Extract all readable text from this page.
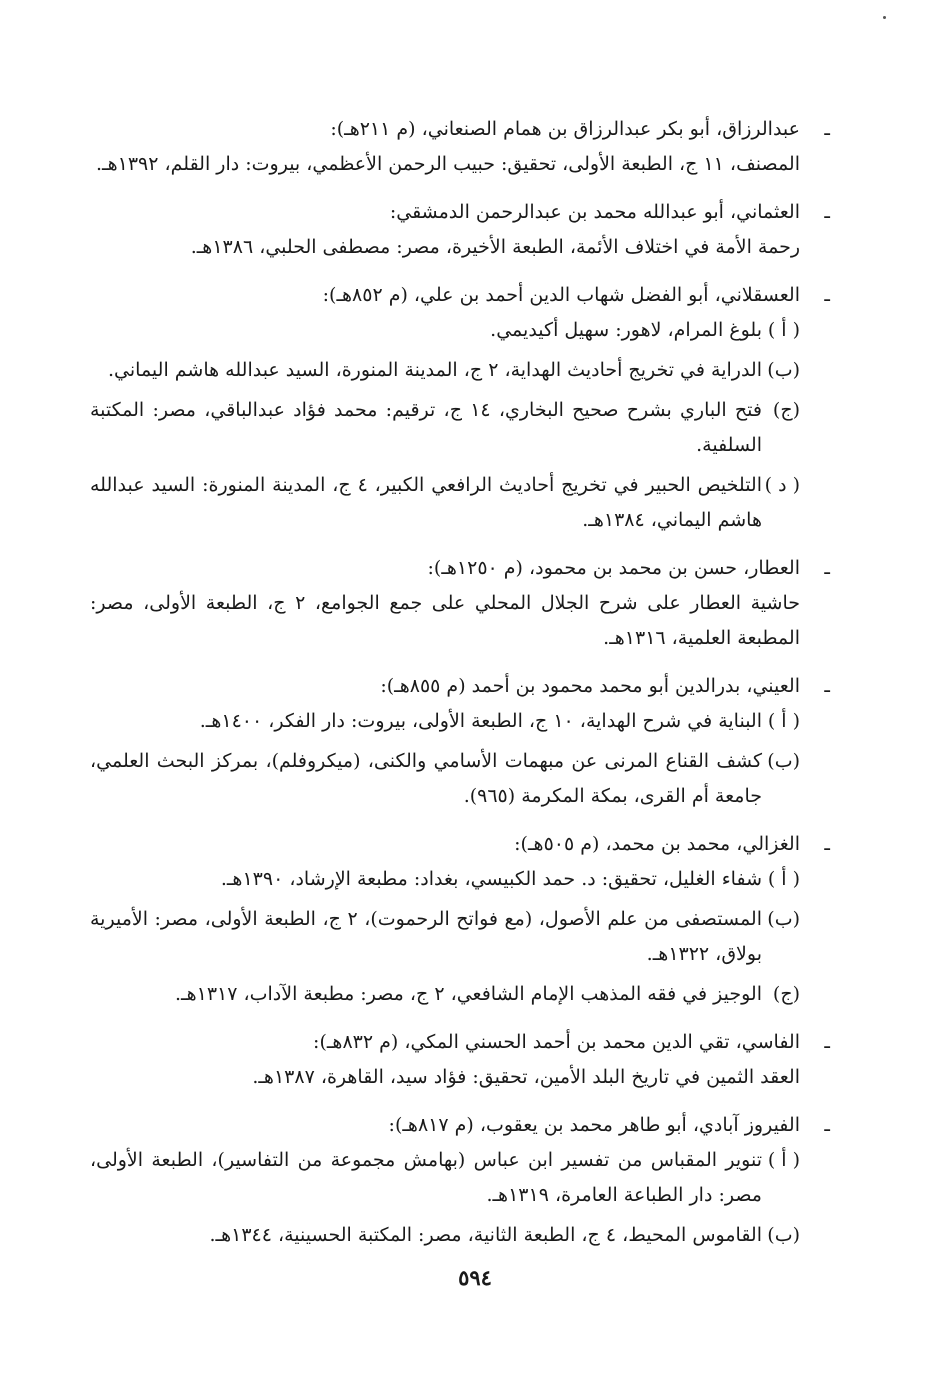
ـ
عبدالرزاق، أبو بكر عبدالرزاق بن همام الصنعاني، (م ٢١١هـ):
المصنف، ١١ ج، الطبعة الأولى، تحقيق: حبيب الرحمن الأعظمي، بيروت: دار القلم، ١٣٩٢هـ.
ـ
العثماني، أبو عبدالله محمد بن عبدالرحمن الدمشقي:
رحمة الأمة في اختلاف الأئمة، الطبعة الأخيرة، مصر: مصطفى الحلبي، ١٣٨٦هـ.
ـ
العسقلاني، أبو الفضل شهاب الدين أحمد بن علي، (م ٨٥٢هـ):
( أ )
بلوغ المرام، لاهور: سهيل أكيديمي.
(ب)
الدراية في تخريج أحاديث الهداية، ٢ ج، المدينة المنورة، السيد عبدالله هاشم اليماني.
(ج)
فتح الباري بشرح صحيح البخاري، ١٤ ج، ترقيم: محمد فؤاد عبدالباقي، مصر: المكتبة السلفية.
( د )
التلخيص الحبير في تخريج أحاديث الرافعي الكبير، ٤ ج، المدينة المنورة: السيد عبدالله هاشم اليماني، ١٣٨٤هـ.
ـ
العطار، حسن بن محمد بن محمود، (م ١٢٥٠هـ):
حاشية العطار على شرح الجلال المحلي على جمع الجوامع، ٢ ج، الطبعة الأولى، مصر: المطبعة العلمية، ١٣١٦هـ.
ـ
العيني، بدرالدين أبو محمد محمود بن أحمد (م ٨٥٥هـ):
( أ )
البناية في شرح الهداية، ١٠ ج، الطبعة الأولى، بيروت: دار الفكر، ١٤٠٠هـ.
(ب)
كشف القناع المرنى عن مبهمات الأسامي والكنى، (ميكروفلم)، بمركز البحث العلمي، جامعة أم القرى، بمكة المكرمة (٩٦٥).
ـ
الغزالي، محمد بن محمد، (م ٥٠٥هـ):
( أ )
شفاء الغليل، تحقيق: د. حمد الكبيسي، بغداد: مطبعة الإرشاد، ١٣٩٠هـ.
(ب)
المستصفى من علم الأصول، (مع فواتح الرحموت)، ٢ ج، الطبعة الأولى، مصر: الأميرية بولاق، ١٣٢٢هـ.
(ج)
الوجيز في فقه المذهب الإمام الشافعي، ٢ ج، مصر: مطبعة الآداب، ١٣١٧هـ.
ـ
الفاسي، تقي الدين محمد بن أحمد الحسني المكي، (م ٨٣٢هـ):
العقد الثمين في تاريخ البلد الأمين، تحقيق: فؤاد سيد، القاهرة، ١٣٨٧هـ.
ـ
الفيروز آبادي، أبو طاهر محمد بن يعقوب، (م ٨١٧هـ):
( أ )
تنوير المقباس من تفسير ابن عباس (بهامش مجموعة من التفاسير)، الطبعة الأولى، مصر: دار الطباعة العامرة، ١٣١٩هـ.
(ب)
القاموس المحيط، ٤ ج، الطبعة الثانية، مصر: المكتبة الحسينية، ١٣٤٤هـ.
٥٩٤
